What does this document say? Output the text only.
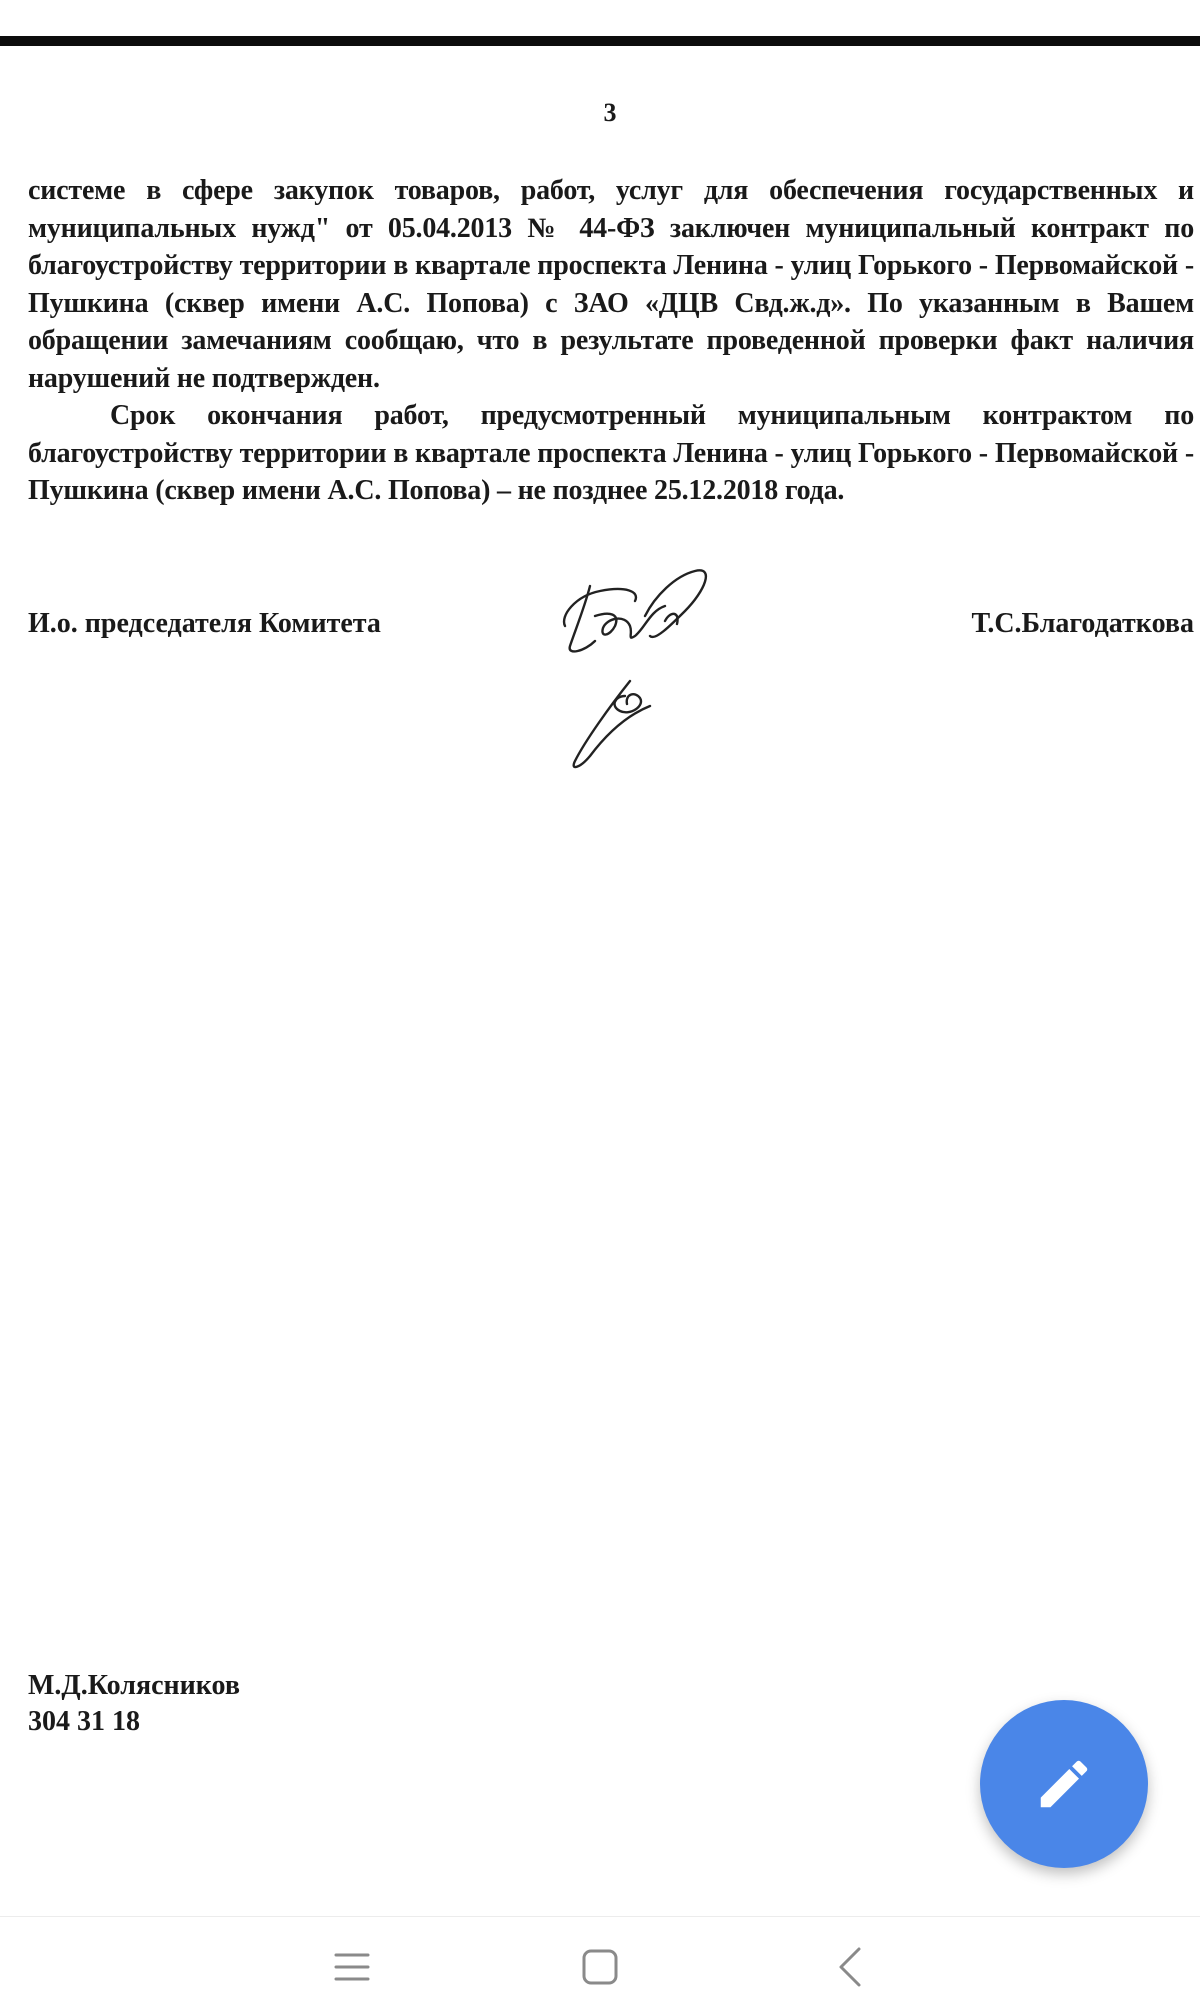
3

системе в сфере закупок товаров, работ, услуг для обеспечения государственных и муниципальных нужд" от 05.04.2013 № 44-ФЗ заключен муниципальный контракт по благоустройству территории в квартале проспекта Ленина - улиц Горького - Первомайской - Пушкина (сквер имени А.С. Попова) с ЗАО «ДЦВ Свд.ж.д». По указанным в Вашем обращении замечаниям сообщаю, что в результате проведенной проверки факт наличия нарушений не подтвержден.

Срок окончания работ, предусмотренный муниципальным контрактом по благоустройству территории в квартале проспекта Ленина - улиц Горького - Первомайской - Пушкина (сквер имени А.С. Попова) – не позднее 25.12.2018 года.

И.о. председателя Комитета	Т.С.Благодаткова
М.Д.Колясников
304 31 18
